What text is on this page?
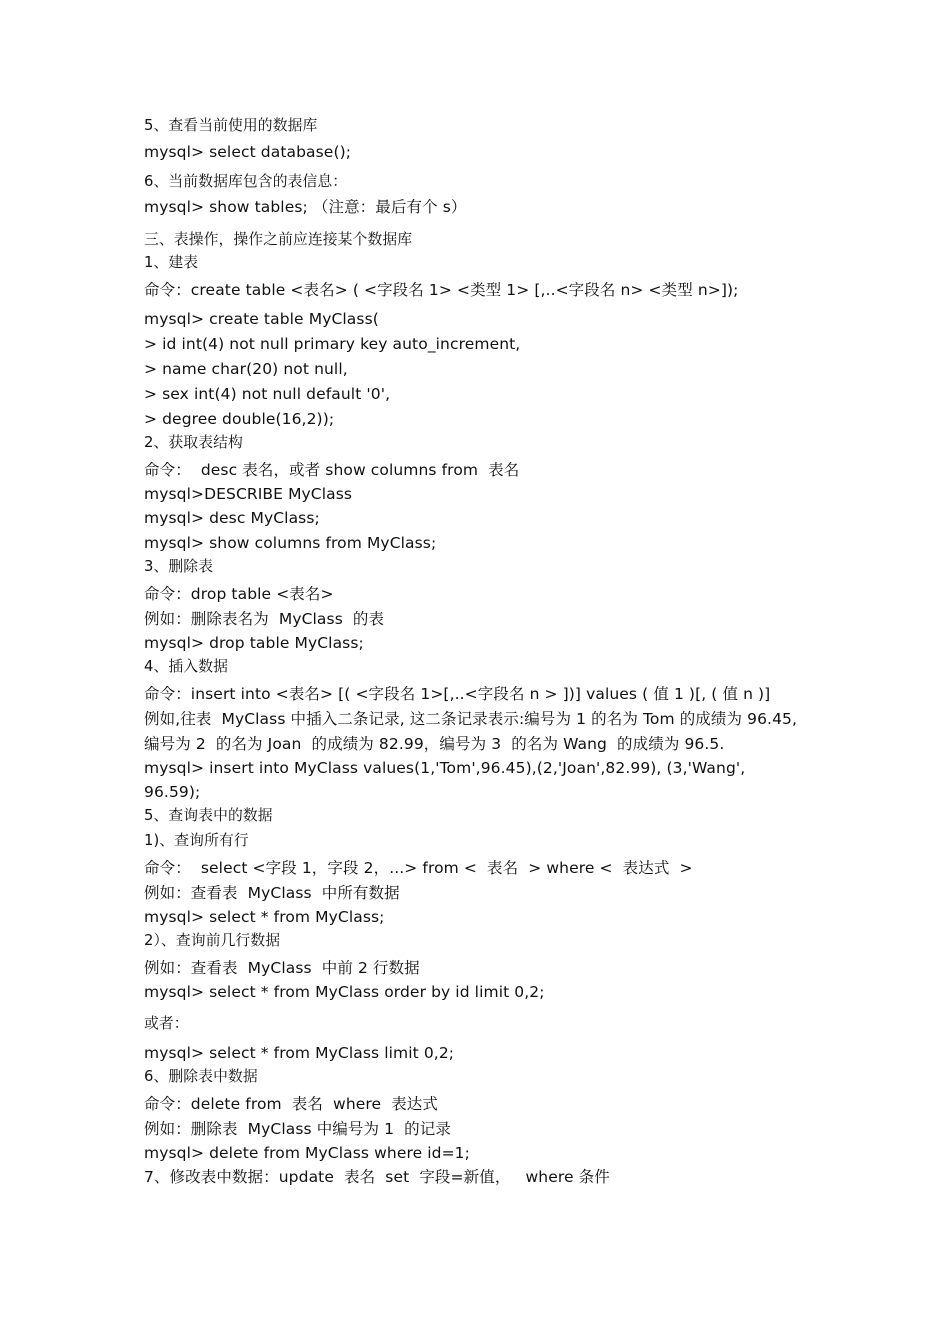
5、查看当前使用的数据库
mysql> select database();
6、当前数据库包含的表信息：
mysql> show tables; （注意：最后有个 s）
三、表操作，操作之前应连接某个数据库
1、建表
命令：create table <表名> ( <字段名 1> <类型 1> [,..<字段名 n> <类型 n>]);
mysql> create table MyClass(
> id int(4) not null primary key auto_increment,
> name char(20) not null,
> sex int(4) not null default '0',
> degree double(16,2));
2、获取表结构
命令：  desc 表名，或者 show columns from  表名
mysql>DESCRIBE MyClass
mysql> desc MyClass;
mysql> show columns from MyClass;
3、删除表
命令：drop table <表名>
例如：删除表名为  MyClass  的表
mysql> drop table MyClass;
4、插入数据
命令：insert into <表名> [( <字段名 1>[,..<字段名 n > ])] values ( 值 1 )[, ( 值 n )]
例如,往表  MyClass 中插入二条记录, 这二条记录表示:编号为 1 的名为 Tom 的成绩为 96.45,
编号为 2  的名为 Joan  的成绩为 82.99，编号为 3  的名为 Wang  的成绩为 96.5.
mysql> insert into MyClass values(1,'Tom',96.45),(2,'Joan',82.99), (3,'Wang',
96.59);
5、查询表中的数据
1)、查询所有行
命令：  select <字段 1，字段 2，...> from <  表名  > where <  表达式  >
例如：查看表  MyClass  中所有数据
mysql> select * from MyClass;
2）、查询前几行数据
例如：查看表  MyClass  中前 2 行数据
mysql> select * from MyClass order by id limit 0,2;
或者：
mysql> select * from MyClass limit 0,2;
6、删除表中数据
命令：delete from  表名  where  表达式
例如：删除表  MyClass 中编号为 1  的记录
mysql> delete from MyClass where id=1;
7、修改表中数据：update  表名  set  字段=新值，   where 条件
